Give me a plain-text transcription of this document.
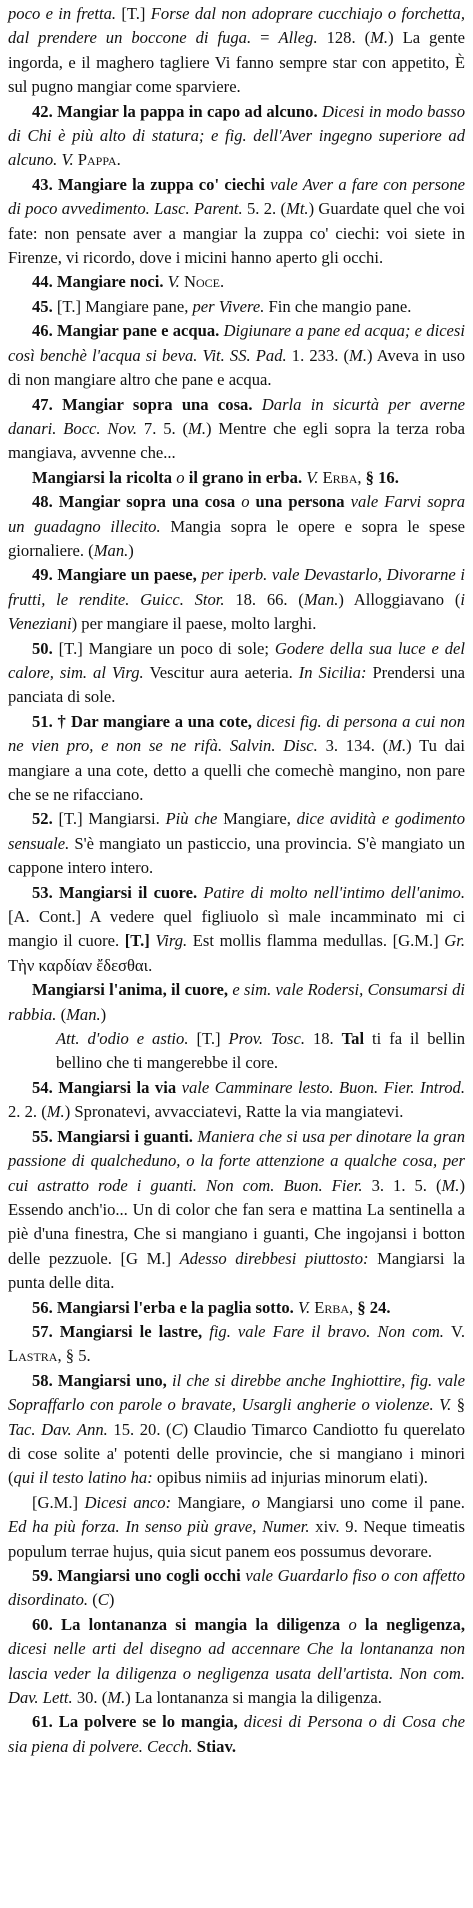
poco e in fretta. [T.] Forse dal non adoprare cucchiajo o forchetta, dal prendere un boccone di fuga. = Alleg. 128. (M.) La gente ingorda, e il maghero tagliere Vi fanno sempre star con appetito, È sul pugno mangiar come sparviere.

42. Mangiar la pappa in capo ad alcuno. Dicesi in modo basso di Chi è più alto di statura; e fig. dell'Aver ingegno superiore ad alcuno. V. Pappa.

43. Mangiare la zuppa co' ciechi vale Aver a fare con persone di poco avvedimento. Lasc. Parent. 5. 2. (Mt.) Guardate quel che voi fate: non pensate aver a mangiar la zuppa co' ciechi: voi siete in Firenze, vi ricordo, dove i micini hanno aperto gli occhi.

44. Mangiare noci. V. Noce.

45. [T.] Mangiare pane, per Vivere. Fin che mangio pane.

46. Mangiar pane e acqua. Digiunare a pane ed acqua; e dicesi così benchè l'acqua si beva. Vit. SS. Pad. 1. 233. (M.) Aveva in uso di non mangiare altro che pane e acqua.

47. Mangiar sopra una cosa. Darla in sicurtà per averne danari. Bocc. Nov. 7. 5. (M.) Mentre che egli sopra la terza roba mangiava, avvenne che...

Mangiarsi la ricolta o il grano in erba. V. Erba, § 16.

48. Mangiar sopra una cosa o una persona vale Farvi sopra un guadagno illecito. Mangia sopra le opere e sopra le spese giornaliere. (Man.)

49. Mangiare un paese, per iperb. vale Devastarlo, Divorarne i frutti, le rendite. Guicc. Stor. 18. 66. (Man.) Alloggiavano (i Veneziani) per mangiare il paese, molto larghi.

50. [T.] Mangiare un poco di sole; Godere della sua luce e del calore, sim. al Virg. Vescitur aura aeteria. In Sicilia: Prendersi una panciata di sole.

51. † Dar mangiare a una cote, dicesi fig. di persona a cui non ne vien pro, e non se ne rifà. Salvin. Disc. 3. 134. (M.) Tu dai mangiare a una cote, detto a quelli che comechè mangino, non pare che se ne rifacciano.

52. [T.] Mangiarsi. Più che Mangiare, dice avidità e godimento sensuale. S'è mangiato un pasticcio, una provincia. S'è mangiato un cappone intero intero.

53. Mangiarsi il cuore. Patire di molto nell'intimo dell'animo. [A. Cont.] A vedere quel figliuolo sì male incamminato mi ci mangio il cuore. [T.] Virg. Est mollis flamma medullas. [G.M.] Gr. Τὴν καρδίαν ἔδεσθαι.

Mangiarsi l'anima, il cuore, e sim. vale Rodersi, Consumarsi di rabbia. (Man.)

Att. d'odio e astio. [T.] Prov. Tosc. 18. Tal ti fa il bellin bellino che ti mangerebbe il core.

54. Mangiarsi la via vale Camminare lesto. Buon. Fier. Introd. 2. 2. (M.) Spronatevi, avvacciatevi, Ratte la via mangiatevi.

55. Mangiarsi i guanti. Maniera che si usa per dinotare la gran passione di qualcheduno, o la forte attenzione a qualche cosa, per cui astratto rode i guanti. Non com. Buon. Fier. 3. 1. 5. (M.) Essendo anch'io... Un di color che fan sera e mattina La sentinella a piè d'una finestra, Che si mangiano i guanti, Che ingojansi i botton delle pezzuole. [G M.] Adesso direbbesi piuttosto: Mangiarsi la punta delle dita.

56. Mangiarsi l'erba e la paglia sotto. V. Erba, § 24.

57. Mangiarsi le lastre, fig. vale Fare il bravo. Non com. V. Lastra, § 5.

58. Mangiarsi uno, il che si direbbe anche Inghiottire, fig. vale Sopraffarlo con parole o bravate, Usargli angherie o violenze. V. § Tac. Dav. Ann. 15. 20. (C) Claudio Timarco Candiotto fu querelato di cose solite a' potenti delle provincie, che si mangiano i minori (qui il testo latino ha: opibus nimiis ad injurias minorum elati).

[G.M.] Dicesi anco: Mangiare, o Mangiarsi uno come il pane. Ed ha più forza. In senso più grave, Numer. xiv. 9. Neque timeatis populum terrae hujus, quia sicut panem eos possumus devorare.

59. Mangiarsi uno cogli occhi vale Guardarlo fiso o con affetto disordinato. (C)

60. La lontananza si mangia la diligenza o la negligenza, dicesi nelle arti del disegno ad accennare Che la lontananza non lascia veder la diligenza o negligenza usata dell'artista. Non com. Dav. Lett. 30. (M.) La lontananza si mangia la diligenza.

61. La polvere se lo mangia, dicesi di Persona o di Cosa che sia piena di polvere. Cecch. Stiav.
